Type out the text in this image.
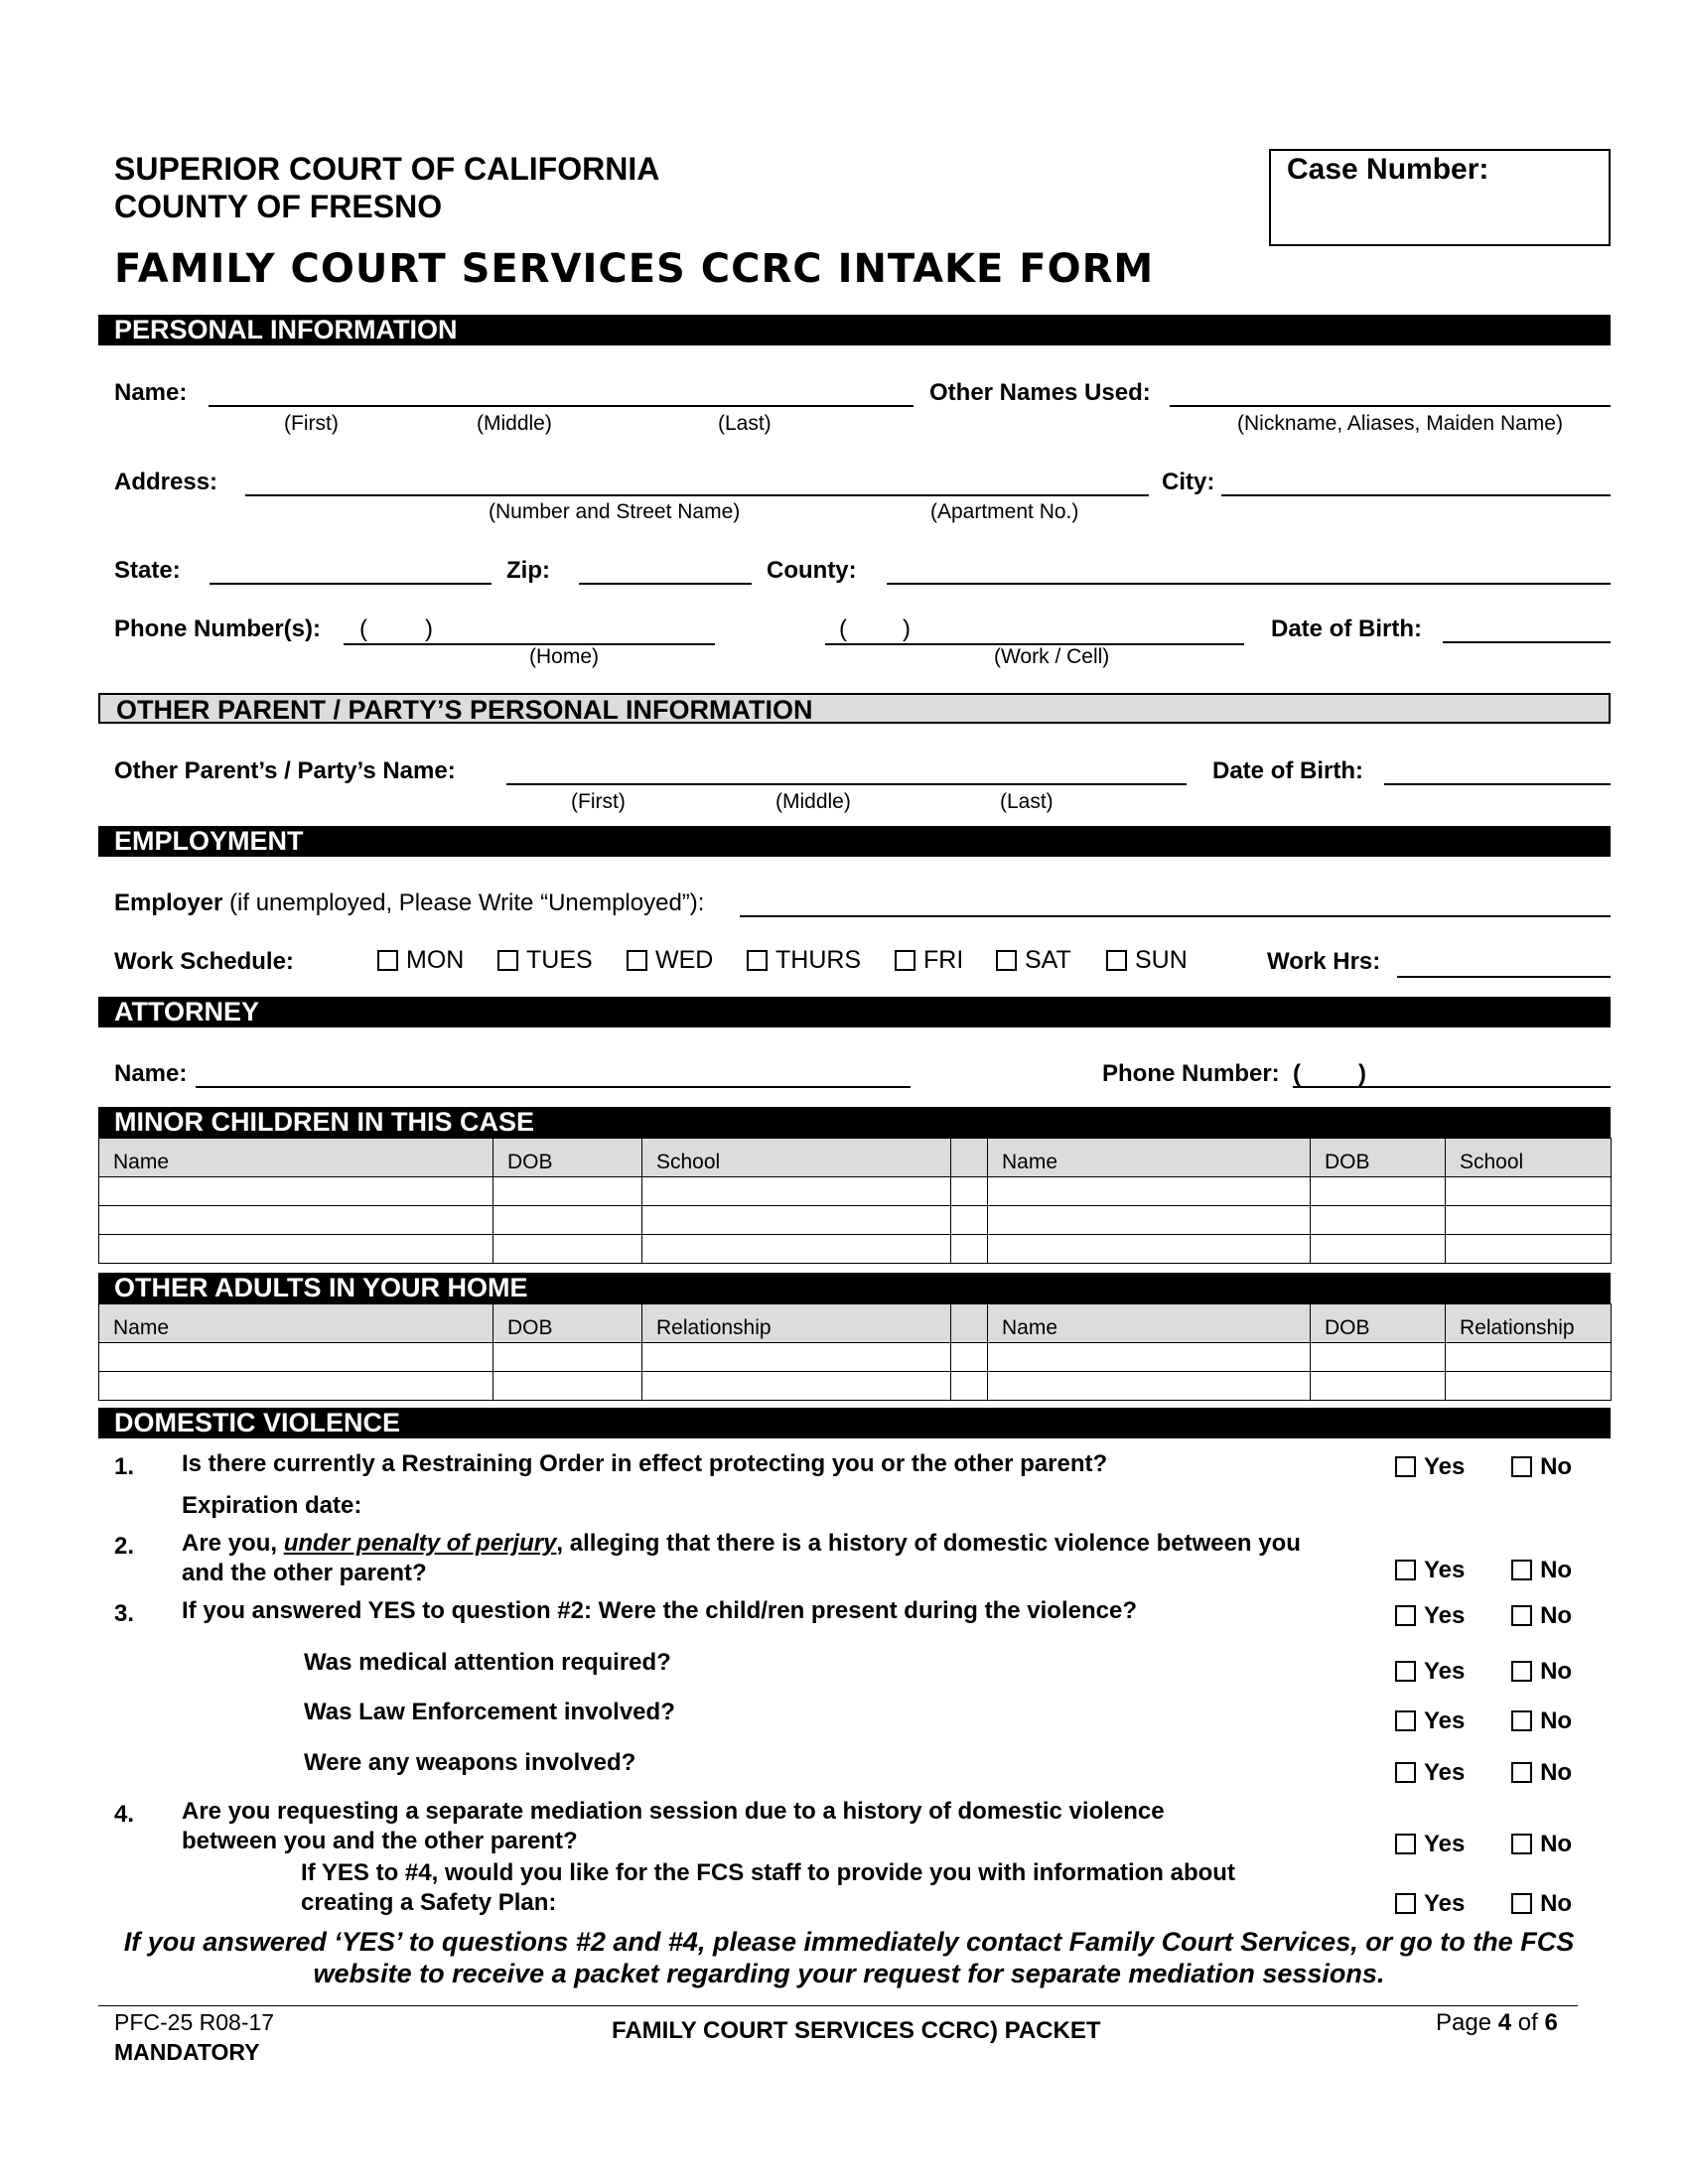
SUPERIOR COURT OF CALIFORNIA
COUNTY OF FRESNO
Case Number:
FAMILY COURT SERVICES CCRC INTAKE FORM
PERSONAL INFORMATION
Name:
(First)	(Middle)	(Last)
Other Names Used:
(Nickname, Aliases, Maiden Name)
Address:
(Number and Street Name)	(Apartment No.)
City:
State:	Zip:	County:
Phone Number(s): ( )
(Home)
( )
(Work / Cell)
Date of Birth:
OTHER PARENT / PARTY’S PERSONAL INFORMATION
Other Parent’s / Party’s Name:
(First)	(Middle)	(Last)
Date of Birth:
EMPLOYMENT
Employer (if unemployed, Please Write “Unemployed”):
Work Schedule:	MON	TUES	WED	THURS	FRI	SAT	SUN	Work Hrs:
ATTORNEY
Name:	Phone Number: ( )
MINOR CHILDREN IN THIS CASE
Name	DOB	School		Name	DOB	School

OTHER ADULTS IN YOUR HOME
Name	DOB	Relationship		Name	DOB	Relationship

DOMESTIC VIOLENCE
1. Is there currently a Restraining Order in effect protecting you or the other parent?	Yes	No
Expiration date:
2. Are you, under penalty of perjury, alleging that there is a history of domestic violence between you
and the other parent?	Yes	No
3. If you answered YES to question #2: Were the child/ren present during the violence?	Yes	No
Was medical attention required?	Yes	No
Was Law Enforcement involved?	Yes	No
Were any weapons involved?	Yes	No
4. Are you requesting a separate mediation session due to a history of domestic violence
between you and the other parent?	Yes	No
If YES to #4, would you like for the FCS staff to provide you with information about
creating a Safety Plan:	Yes	No
If you answered ‘YES’ to questions #2 and #4, please immediately contact Family Court Services, or go to the FCS
website to receive a packet regarding your request for separate mediation sessions.
PFC-25 R08-17
MANDATORY
FAMILY COURT SERVICES CCRC) PACKET	Page 4 of 6
